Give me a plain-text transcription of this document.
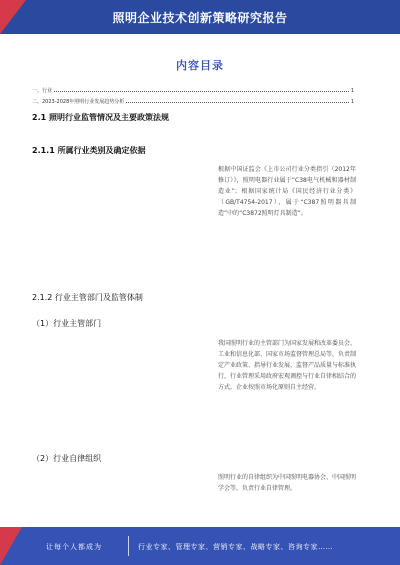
照明企业技术创新策略研究报告
内容目录
一、行业	1
二、2023-2028年照明行业发展趋势分析	1
2.1 照明行业监管情况及主要政策法规
2.1.1 所属行业类别及确定依据
根据中国证监会《上市公司行业分类指引（2012年修订）》，照明电器行业属于“C38电气机械和器材制造业”；根据国家统计局《国民经济行业分类》（GB/T4754-2017），属于“C387照明器具制造”中的“C3872照明灯具制造”。
2.1.2 行业主管部门及监管体制
（1）行业主管部门
我国照明行业的主管部门为国家发展和改革委员会、工业和信息化部、国家市场监督管理总局等，负责制定产业政策、指导行业发展、监督产品质量与标准执行，行业管理采用政府宏观调控与行业自律相结合的方式，企业按照市场化原则自主经营。
（2）行业自律组织
照明行业的自律组织为中国照明电器协会、中国照明学会等，负责行业自律管理。
让每个人都成为	行业专家、管理专家、营销专家、战略专家、咨询专家……
